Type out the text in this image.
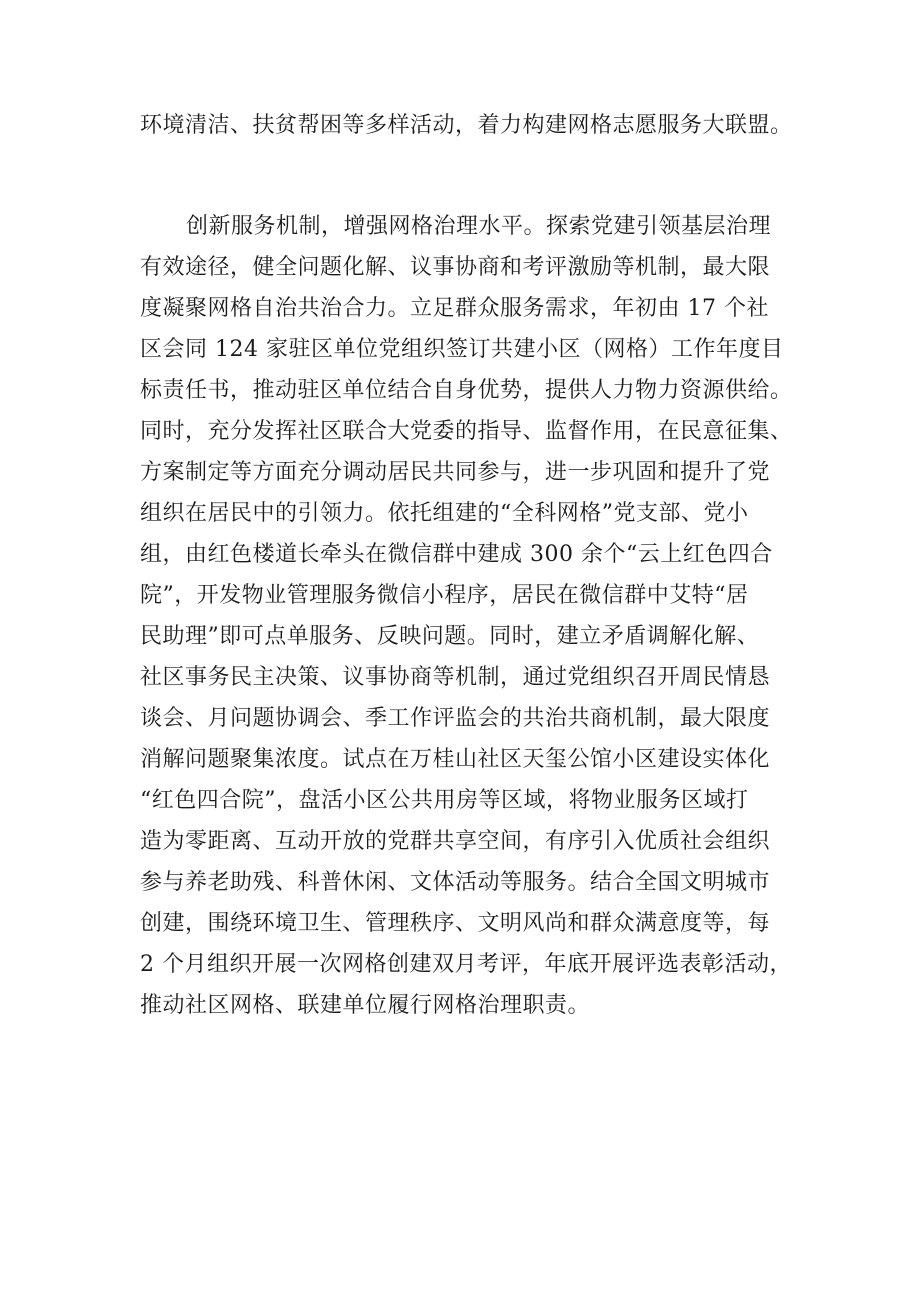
环境清洁、扶贫帮困等多样活动，着力构建网格志愿服务大联盟。
创新服务机制，增强网格治理水平。探索党建引领基层治理
有效途径，健全问题化解、议事协商和考评激励等机制，最大限
度凝聚网格自治共治合力。立足群众服务需求，年初由 17 个社
区会同 124 家驻区单位党组织签订共建小区（网格）工作年度目
标责任书，推动驻区单位结合自身优势，提供人力物力资源供给。
同时，充分发挥社区联合大党委的指导、监督作用，在民意征集、
方案制定等方面充分调动居民共同参与，进一步巩固和提升了党
组织在居民中的引领力。依托组建的“全科网格”党支部、党小
组，由红色楼道长牵头在微信群中建成 300 余个“云上红色四合
院”，开发物业管理服务微信小程序，居民在微信群中艾特“居
民助理”即可点单服务、反映问题。同时，建立矛盾调解化解、
社区事务民主决策、议事协商等机制，通过党组织召开周民情恳
谈会、月问题协调会、季工作评监会的共治共商机制，最大限度
消解问题聚集浓度。试点在万桂山社区天玺公馆小区建设实体化
“红色四合院”，盘活小区公共用房等区域，将物业服务区域打
造为零距离、互动开放的党群共享空间，有序引入优质社会组织
参与养老助残、科普休闲、文体活动等服务。结合全国文明城市
创建，围绕环境卫生、管理秩序、文明风尚和群众满意度等，每
2 个月组织开展一次网格创建双月考评，年底开展评选表彰活动，
推动社区网格、联建单位履行网格治理职责。
